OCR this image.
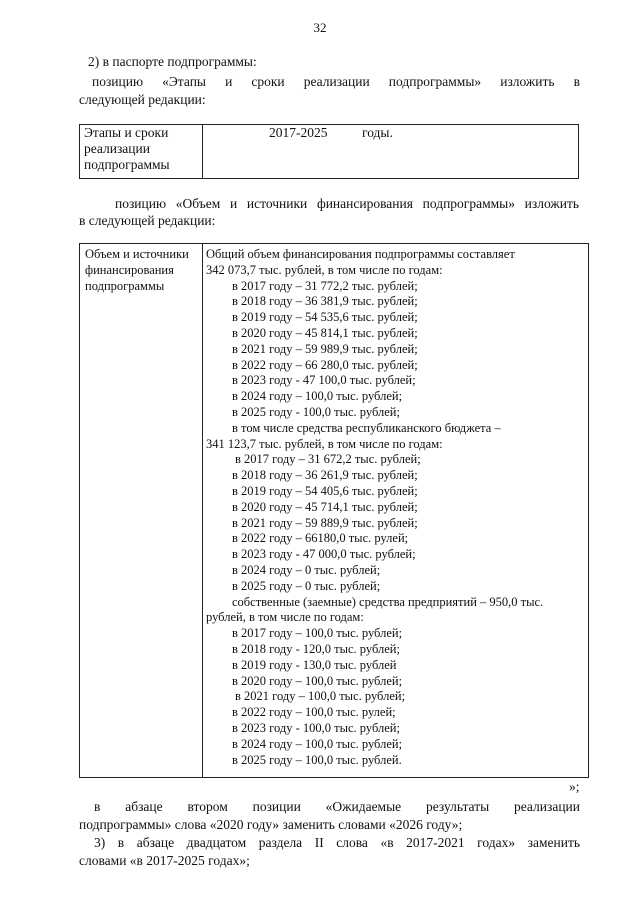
32
2) в паспорте подпрограммы:
позицию «Этапы и сроки реализации подпрограммы» изложить в
следующей редакции:
Этапы и сроки реализации подпрограммы
2017-2025	годы.
позицию «Объем и источники финансирования подпрограммы» изложить
в следующей редакции:
Объем и источники финансирования подпрограммы
Общий объем финансирования подпрограммы составляет
342 073,7 тыс. рублей, в том числе по годам:
в 2017 году – 31 772,2 тыс. рублей;
в 2018 году – 36 381,9 тыс. рублей;
в 2019 году – 54 535,6 тыс. рублей;
в 2020 году – 45 814,1 тыс. рублей;
в 2021 году – 59 989,9 тыс. рублей;
в 2022 году – 66 280,0 тыс. рублей;
в 2023 году - 47 100,0 тыс. рублей;
в 2024 году – 100,0 тыс. рублей;
в 2025 году - 100,0 тыс. рублей;
в том числе средства республиканского бюджета –
341 123,7 тыс. рублей, в том числе по годам:
в 2017 году – 31 672,2 тыс. рублей;
в 2018 году – 36 261,9 тыс. рублей;
в 2019 году – 54 405,6 тыс. рублей;
в 2020 году – 45 714,1 тыс. рублей;
в 2021 году – 59 889,9 тыс. рублей;
в 2022 году – 66180,0 тыс. рулей;
в 2023 году - 47 000,0 тыс. рублей;
в 2024 году – 0 тыс. рублей;
в 2025 году – 0 тыс. рублей;
собственные (заемные) средства предприятий – 950,0 тыс.
рублей, в том числе по годам:
в 2017 году – 100,0 тыс. рублей;
в 2018 году - 120,0 тыс. рублей;
в 2019 году - 130,0 тыс. рублей
в 2020 году – 100,0 тыс. рублей;
в 2021 году – 100,0 тыс. рублей;
в 2022 году – 100,0 тыс. рулей;
в 2023 году - 100,0 тыс. рублей;
в 2024 году – 100,0 тыс. рублей;
в 2025 году – 100,0 тыс. рублей.
»;
в абзаце втором позиции «Ожидаемые результаты реализации
подпрограммы» слова «2020 году» заменить словами «2026 году»;
3) в абзаце двадцатом раздела II слова «в 2017-2021 годах» заменить
словами «в 2017-2025 годах»;
